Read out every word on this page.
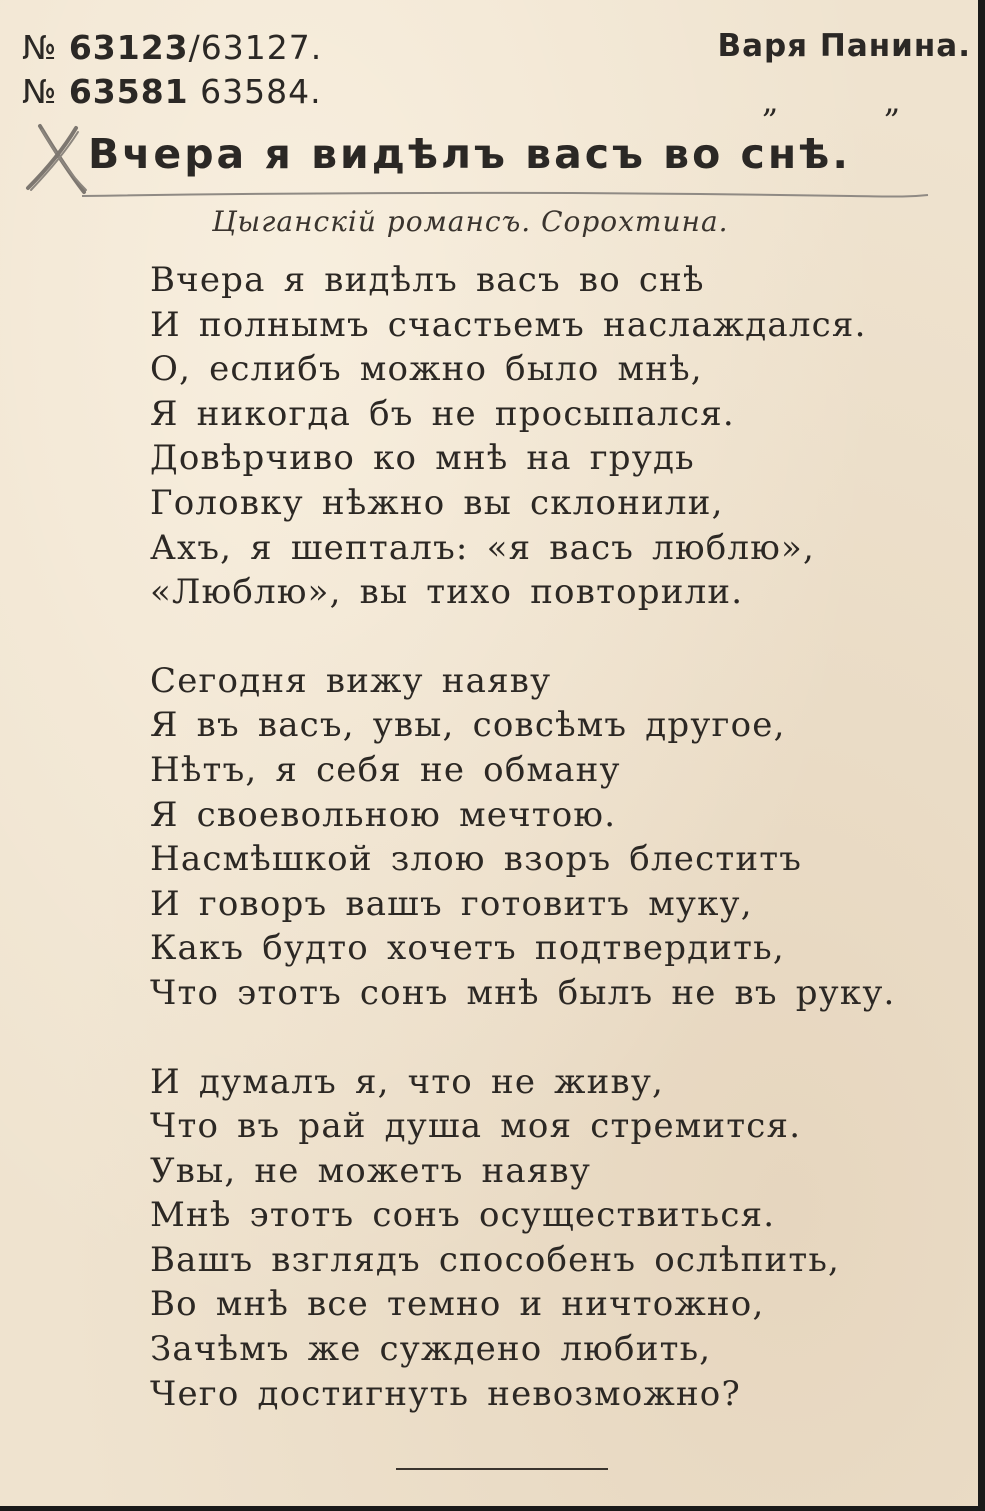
№ 63123/63127.
№ 63581 63584.
Варя Панина.
„	„
Вчера я видѣлъ васъ во снѣ.
Цыганскій романсъ. Сорохтина.
Вчера я видѣлъ васъ во снѣ
И полнымъ счастьемъ наслаждался.
О, еслибъ можно было мнѣ,
Я никогда бъ не просыпался.
Довѣрчиво ко мнѣ на грудь
Головку нѣжно вы склонили,
Ахъ, я шепталъ: «я васъ люблю»,
«Люблю», вы тихо повторили.
Сегодня вижу наяву
Я въ васъ, увы, совсѣмъ другое,
Нѣтъ, я себя не обману
Я своевольною мечтою.
Насмѣшкой злою взоръ блеститъ
И говоръ вашъ готовитъ муку,
Какъ будто хочетъ подтвердить,
Что этотъ сонъ мнѣ былъ не въ руку.
И думалъ я, что не живу,
Что въ рай душа моя стремится.
Увы, не можетъ наяву
Мнѣ этотъ сонъ осуществиться.
Вашъ взглядъ способенъ ослѣпить,
Во мнѣ все темно и ничтожно,
Зачѣмъ же суждено любить,
Чего достигнуть невозможно?
